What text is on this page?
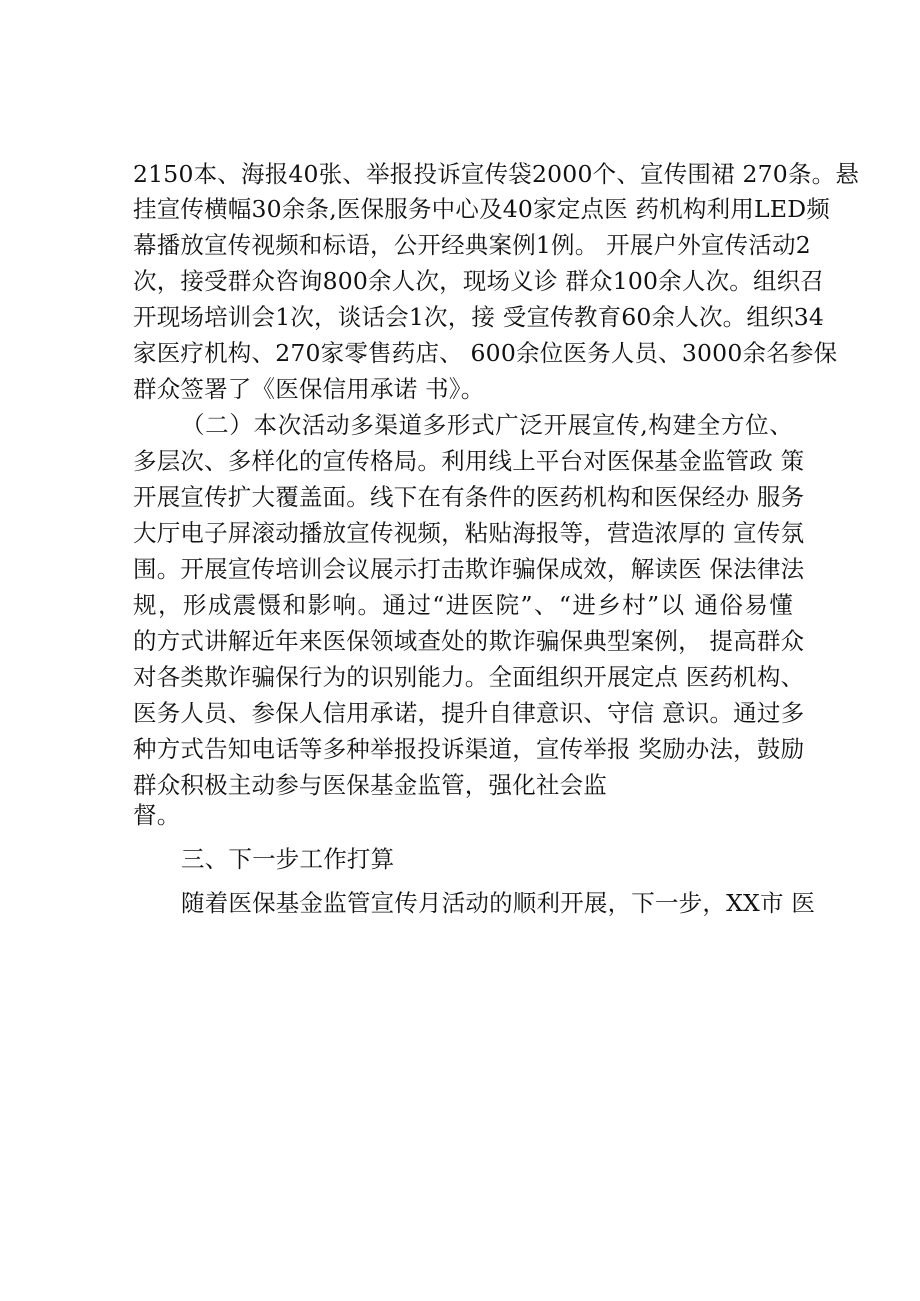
2150本、海报40张、举报投诉宣传袋2000个、宣传围裙 270条。悬
挂宣传横幅30余条,医保服务中心及40家定点医 药机构利用LED频
幕播放宣传视频和标语，公开经典案例1例。 开展户外宣传活动2
次，接受群众咨询800余人次，现场义诊 群众100余人次。组织召
开现场培训会1次，谈话会1次，接 受宣传教育60余人次。组织34
家医疗机构、270家零售药店、 600余位医务人员、3000余名参保
群众签署了《医保信用承诺 书》。
（二）本次活动多渠道多形式广泛开展宣传,构建全方位、
多层次、多样化的宣传格局。利用线上平台对医保基金监管政 策
开展宣传扩大覆盖面。线下在有条件的医药机构和医保经办 服务
大厅电子屏滚动播放宣传视频，粘贴海报等，营造浓厚的 宣传氛
围。开展宣传培训会议展示打击欺诈骗保成效，解读医 保法律法
规，形成震慑和影响。通过“进医院”、“进乡村”以 通俗易懂
的方式讲解近年来医保领域查处的欺诈骗保典型案例， 提高群众
对各类欺诈骗保行为的识别能力。全面组织开展定点 医药机构、
医务人员、参保人信用承诺，提升自律意识、守信 意识。通过多
种方式告知电话等多种举报投诉渠道，宣传举报 奖励办法，鼓励
群众积极主动参与医保基金监管，强化社会监
督。
三、下一步工作打算
随着医保基金监管宣传月活动的顺利开展，下一步，XX市 医
